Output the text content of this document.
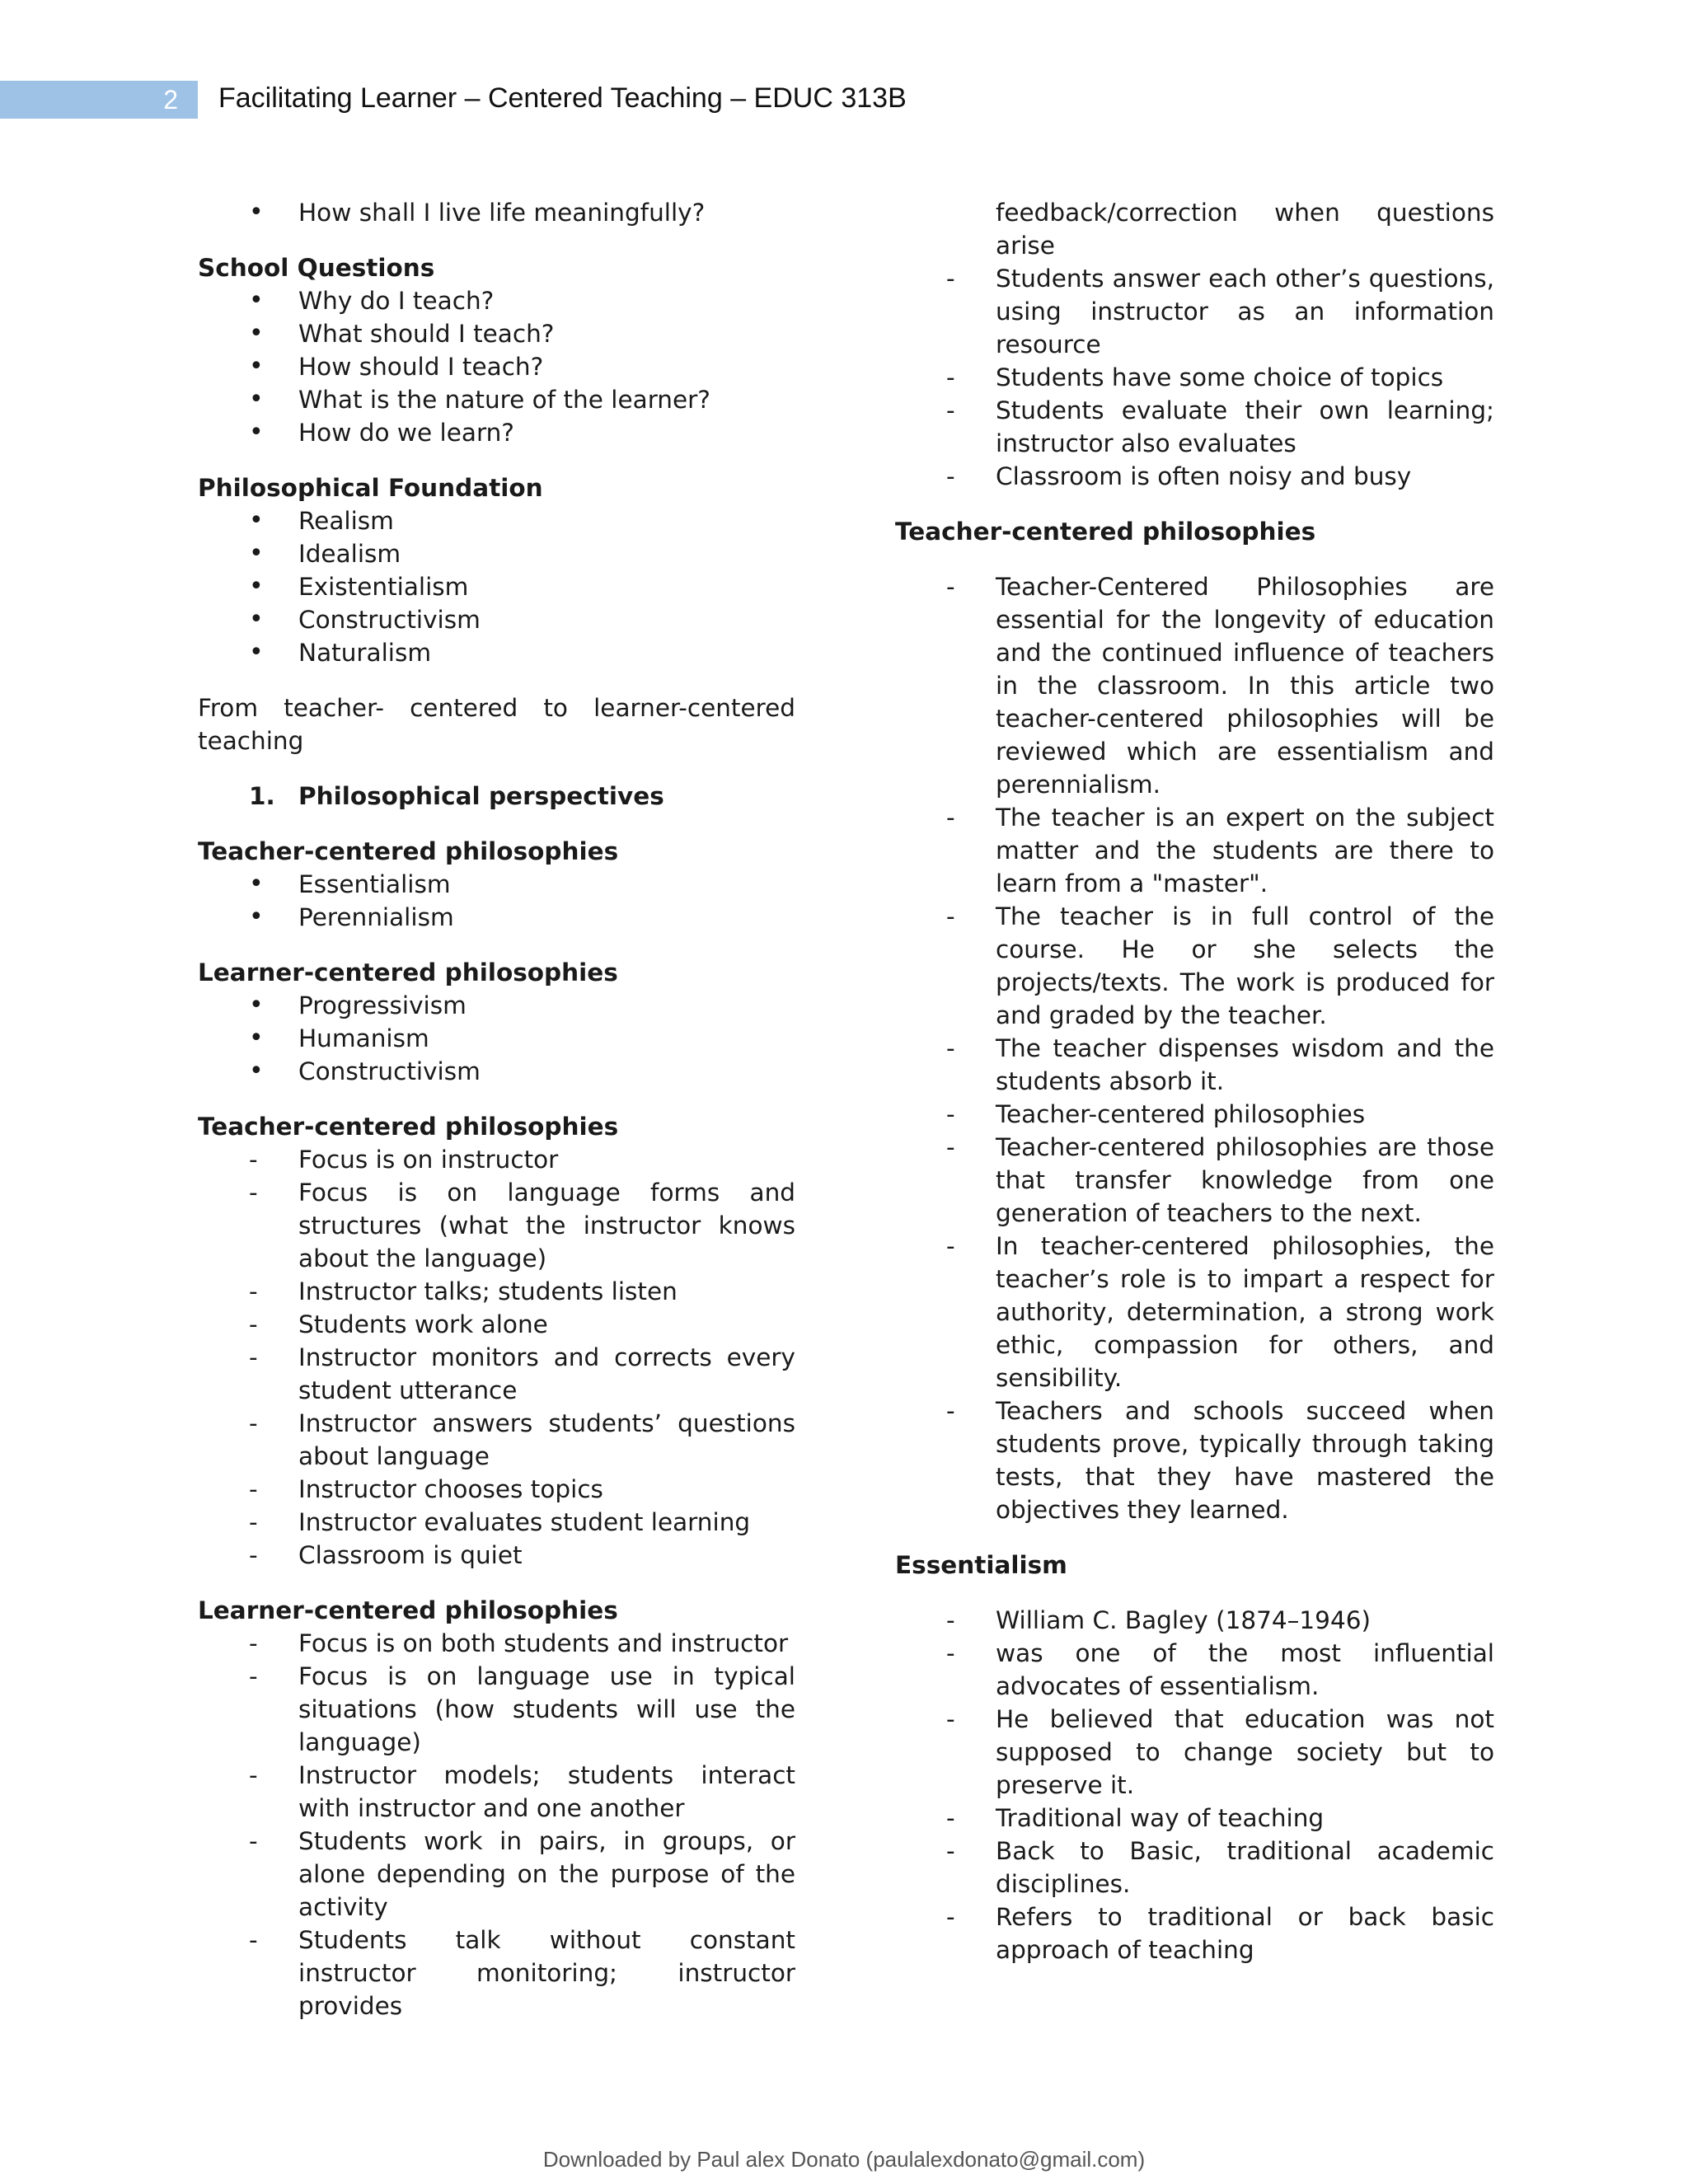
2	Facilitating Learner – Centered Teaching – EDUC 313B
•	How shall I live life meaningfully?
School Questions
•	Why do I teach?
•	What should I teach?
•	How should I teach?
•	What is the nature of the learner?
•	How do we learn?
Philosophical Foundation
•	Realism
•	Idealism
•	Existentialism
•	Constructivism
•	Naturalism
From teacher- centered to learner-centered teaching
1. Philosophical perspectives
Teacher-centered philosophies
•	Essentialism
•	Perennialism
Learner-centered philosophies
•	Progressivism
•	Humanism
•	Constructivism
Teacher-centered philosophies
-	Focus is on instructor
-	Focus is on language forms and structures (what the instructor knows about the language)
-	Instructor talks; students listen
-	Students work alone
-	Instructor monitors and corrects every student utterance
-	Instructor answers students’ questions about language
-	Instructor chooses topics
-	Instructor evaluates student learning
-	Classroom is quiet
Learner-centered philosophies
-	Focus is on both students and instructor
-	Focus is on language use in typical situations (how students will use the language)
-	Instructor models; students interact with instructor and one another
-	Students work in pairs, in groups, or alone depending on the purpose of the activity
-	Students talk without constant instructor monitoring; instructor provides
feedback/correction when questions arise
-	Students answer each other’s questions, using instructor as an information resource
-	Students have some choice of topics
-	Students evaluate their own learning; instructor also evaluates
-	Classroom is often noisy and busy
Teacher-centered philosophies
-	Teacher-Centered Philosophies are essential for the longevity of education and the continued influence of teachers in the classroom. In this article two teacher-centered philosophies will be reviewed which are essentialism and perennialism.
-	The teacher is an expert on the subject matter and the students are there to learn from a "master".
-	The teacher is in full control of the course. He or she selects the projects/texts. The work is produced for and graded by the teacher.
-	The teacher dispenses wisdom and the students absorb it.
-	Teacher-centered philosophies
-	Teacher-centered philosophies are those that transfer knowledge from one generation of teachers to the next.
-	In teacher-centered philosophies, the teacher’s role is to impart a respect for authority, determination, a strong work ethic, compassion for others, and sensibility.
-	Teachers and schools succeed when students prove, typically through taking tests, that they have mastered the objectives they learned.
Essentialism
-	William C. Bagley (1874–1946)
-	was one of the most influential advocates of essentialism.
-	He believed that education was not supposed to change society but to preserve it.
-	Traditional way of teaching
-	Back to Basic, traditional academic disciplines.
-	Refers to traditional or back basic approach of teaching
Downloaded by Paul alex Donato (paulalexdonato@gmail.com)
